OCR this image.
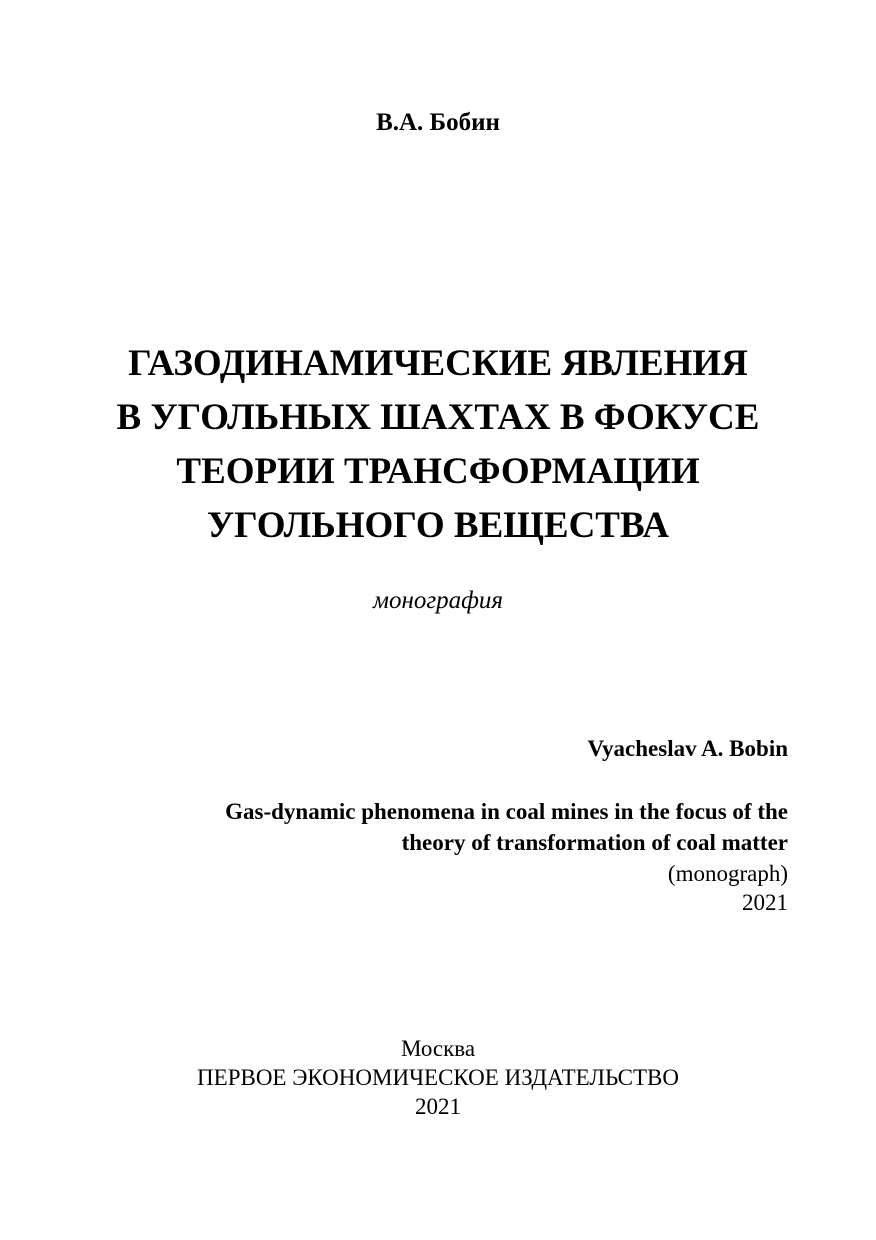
В.А. Бобин
ГАЗОДИНАМИЧЕСКИЕ ЯВЛЕНИЯ
В УГОЛЬНЫХ ШАХТАХ В ФОКУСЕ
ТЕОРИИ ТРАНСФОРМАЦИИ
УГОЛЬНОГО ВЕЩЕСТВА
монография
Vyacheslav A. Bobin
Gas-dynamic phenomena in coal mines in the focus of the
theory of transformation of coal matter
(monograph)
2021
Москва
ПЕРВОЕ ЭКОНОМИЧЕСКОЕ ИЗДАТЕЛЬСТВО
2021
